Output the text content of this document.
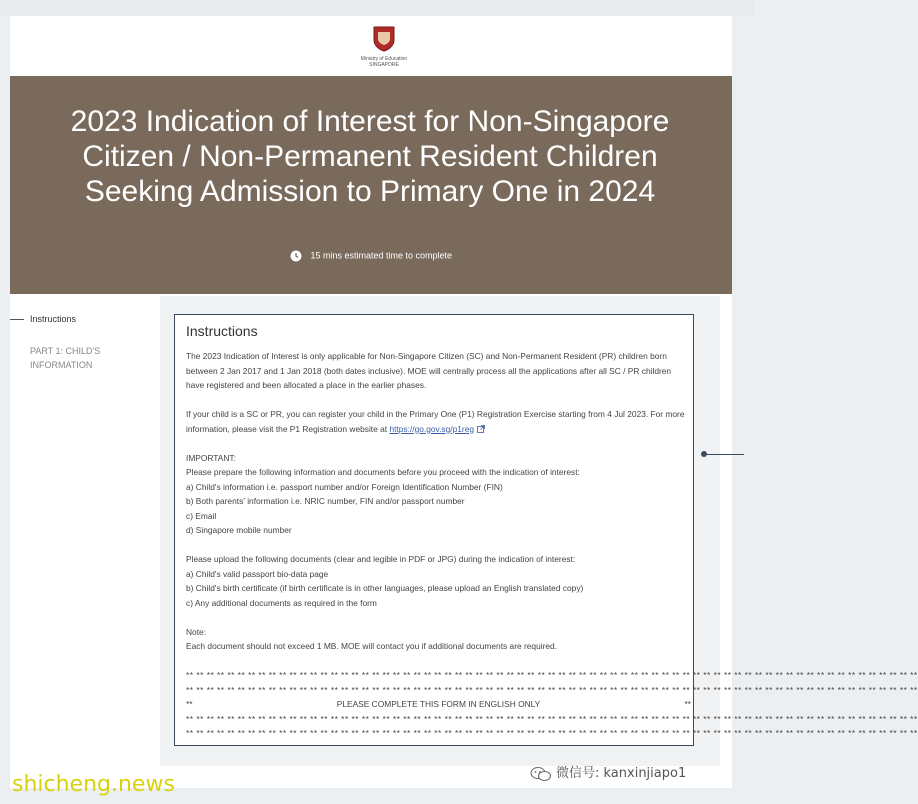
Ministry of Education SINGAPORE
2023 Indication of Interest for Non-Singapore Citizen / Non-Permanent Resident Children Seeking Admission to Primary One in 2024
15 mins estimated time to complete
Instructions
PART 1: CHILD'S INFORMATION
Instructions

The 2023 Indication of Interest is only applicable for Non-Singapore Citizen (SC) and Non-Permanent Resident (PR) children born between 2 Jan 2017 and 1 Jan 2018 (both dates inclusive). MOE will centrally process all the applications after all SC / PR children have registered and been allocated a place in the earlier phases.

If your child is a SC or PR, you can register your child in the Primary One (P1) Registration Exercise starting from 4 Jul 2023. For more information, please visit the P1 Registration website at https://go.gov.sg/p1reg

IMPORTANT:

Please prepare the following information and documents before you proceed with the indication of interest:

a) Child's information i.e. passport number and/or Foreign Identification Number (FIN)

b) Both parents' information i.e. NRIC number, FIN and/or passport number

c) Email

d) Singapore mobile number

Please upload the following documents (clear and legible in PDF or JPG) during the indication of interest:

a) Child's valid passport bio-data page

b) Child's birth certificate (if birth certificate is in other languages, please upload an English translated copy)

c) Any additional documents as required in the form

Note:

Each document should not exceed 1 MB. MOE will contact you if additional documents are required.

** ** ** ** ** ** ** ** ** ** ** ** ** ** ** ** ** ** ** ** ** ** ** ** ** ** ** ** ** ** ** ** ** ** ** ** ** ** ** ** ** ** ** ** ** ** ** ** ** ** ** ** ** ** ** ** ** ** ** ** ** ** ** ** ** ** ** ** ** ** **

** ** ** ** ** ** ** ** ** ** ** ** ** ** ** ** ** ** ** ** ** ** ** ** ** ** ** ** ** ** ** ** ** ** ** ** ** ** ** ** ** ** ** ** ** ** ** ** ** ** ** ** ** ** ** ** ** ** ** ** ** ** ** ** ** ** ** ** ** ** **

**	PLEASE COMPLETE THIS FORM IN ENGLISH ONLY	**

** ** ** ** ** ** ** ** ** ** ** ** ** ** ** ** ** ** ** ** ** ** ** ** ** ** ** ** ** ** ** ** ** ** ** ** ** ** ** ** ** ** ** ** ** ** ** ** ** ** ** ** ** ** ** ** ** ** ** ** ** ** ** ** ** ** ** ** ** ** **

** ** ** ** ** ** ** ** ** ** ** ** ** ** ** ** ** ** ** ** ** ** ** ** ** ** ** ** ** ** ** ** ** ** ** ** ** ** ** ** ** ** ** ** ** ** ** ** ** ** ** ** ** ** ** ** ** ** ** ** ** ** ** ** ** ** ** ** ** ** **

shicheng.news	微信号: kanxinjiapo1
